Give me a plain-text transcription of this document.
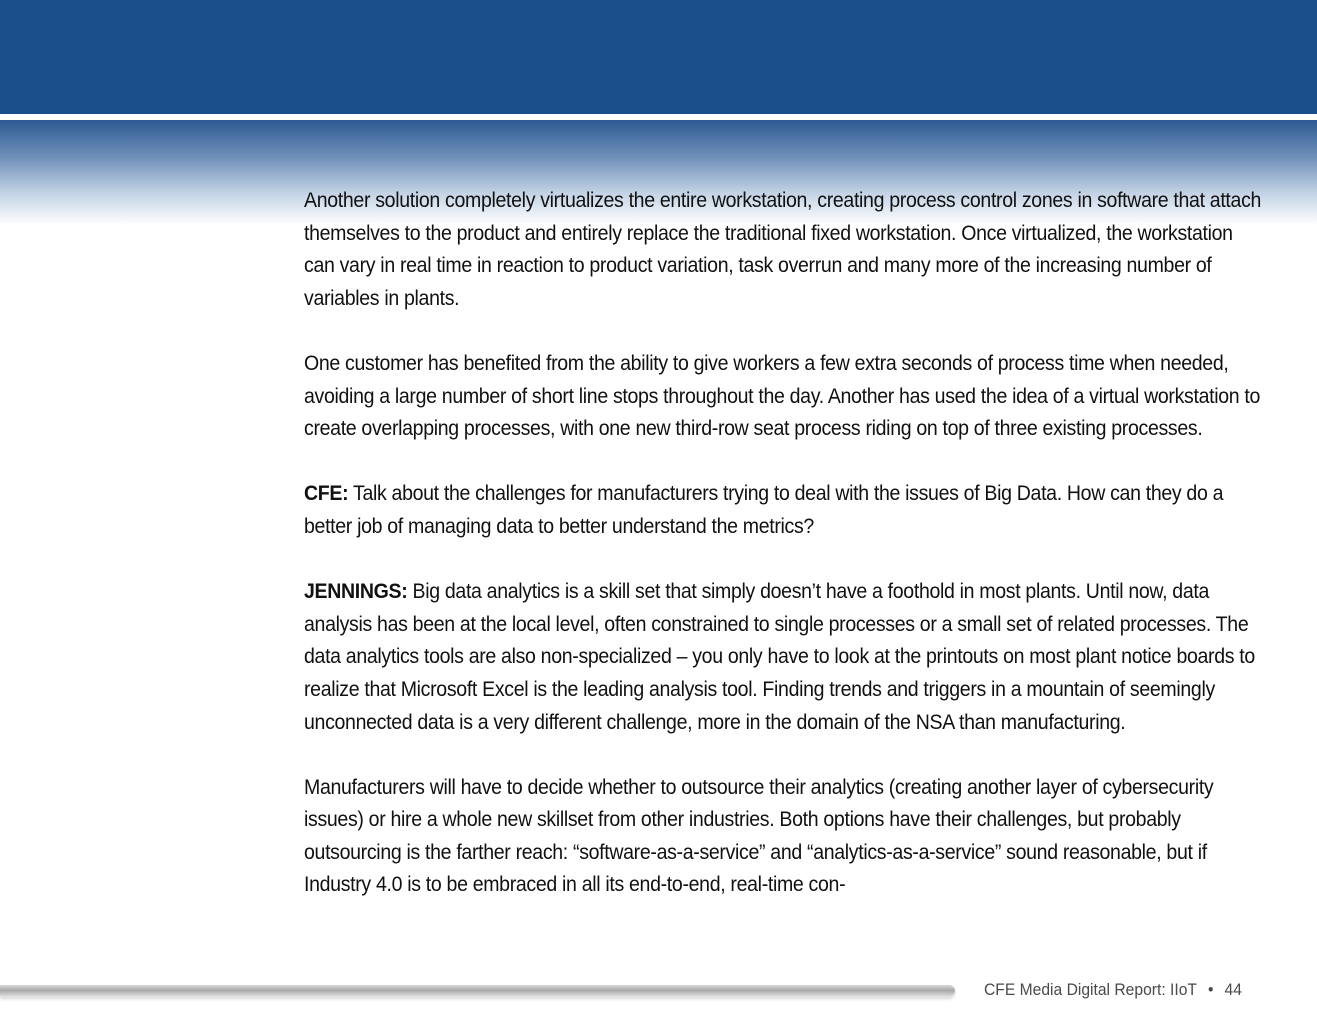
Another solution completely virtualizes the entire workstation, creating process control zones in software that attach themselves to the product and entirely replace the traditional fixed workstation. Once virtualized, the workstation can vary in real time in reaction to product variation, task overrun and many more of the increasing number of variables in plants.

One customer has benefited from the ability to give workers a few extra seconds of process time when needed, avoiding a large number of short line stops throughout the day. Another has used the idea of a virtual workstation to create overlapping processes, with one new third-row seat process riding on top of three existing processes.

CFE: Talk about the challenges for manufacturers trying to deal with the issues of Big Data. How can they do a better job of managing data to better understand the metrics?

JENNINGS: Big data analytics is a skill set that simply doesn’t have a foothold in most plants. Until now, data analysis has been at the local level, often constrained to single processes or a small set of related processes. The data analytics tools are also non-specialized – you only have to look at the printouts on most plant notice boards to realize that Microsoft Excel is the leading analysis tool. Finding trends and triggers in a mountain of seemingly unconnected data is a very different challenge, more in the domain of the NSA than manufacturing.

Manufacturers will have to decide whether to outsource their analytics (creating another layer of cybersecurity issues) or hire a whole new skillset from other industries. Both options have their challenges, but probably outsourcing is the farther reach: “software-as-a-service” and “analytics-as-a-service” sound reasonable, but if Industry 4.0 is to be embraced in all its end-to-end, real-time con-

CFE Media Digital Report: IIoT • 44
